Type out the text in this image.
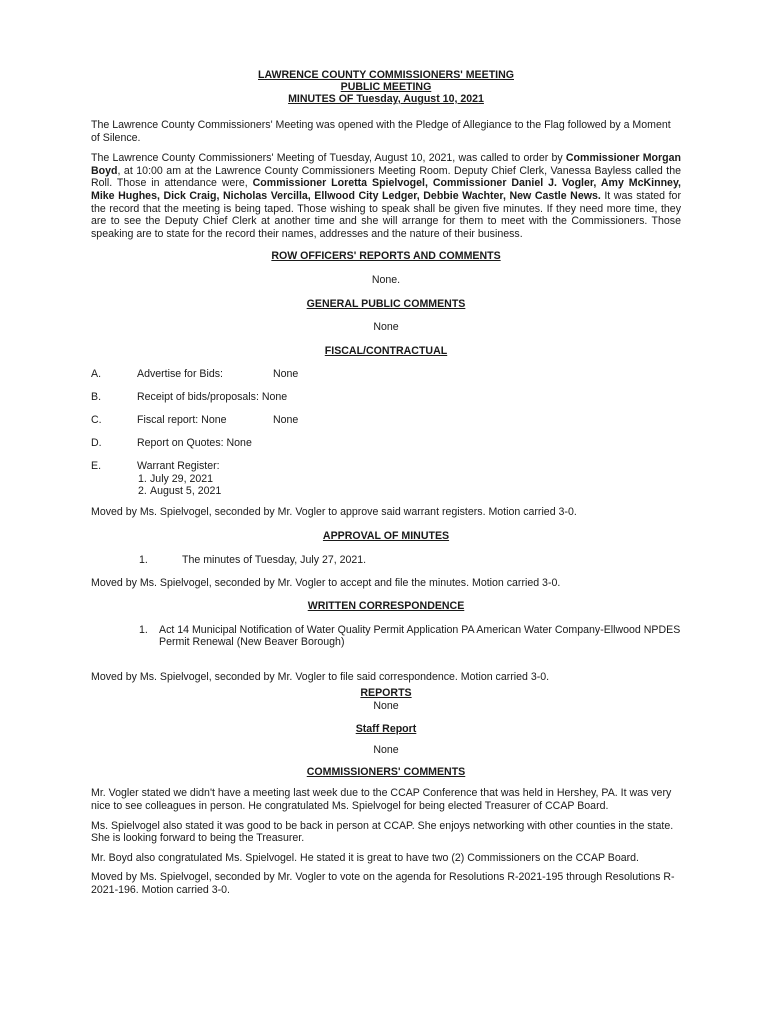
LAWRENCE COUNTY COMMISSIONERS' MEETING
PUBLIC MEETING
MINUTES OF Tuesday, August 10, 2021

The Lawrence County Commissioners' Meeting was opened with the Pledge of Allegiance to the Flag followed by a Moment of Silence.

The Lawrence County Commissioners' Meeting of Tuesday, August 10, 2021, was called to order by Commissioner Morgan Boyd, at 10:00 am at the Lawrence County Commissioners Meeting Room. Deputy Chief Clerk, Vanessa Bayless called the Roll. Those in attendance were, Commissioner Loretta Spielvogel, Commissioner Daniel J. Vogler, Amy McKinney, Mike Hughes, Dick Craig, Nicholas Vercilla, Ellwood City Ledger, Debbie Wachter, New Castle News. It was stated for the record that the meeting is being taped. Those wishing to speak shall be given five minutes. If they need more time, they are to see the Deputy Chief Clerk at another time and she will arrange for them to meet with the Commissioners. Those speaking are to state for the record their names, addresses and the nature of their business.

ROW OFFICERS' REPORTS AND COMMENTS
None.
GENERAL PUBLIC COMMENTS
None
FISCAL/CONTRACTUAL
A.	Advertise for Bids:	None
B.	Receipt of bids/proposals: None
C.	Fiscal report: None	None
D.	Report on Quotes: None
E.	Warrant Register:
1. July 29, 2021
2. August 5, 2021

Moved by Ms. Spielvogel, seconded by Mr. Vogler to approve said warrant registers. Motion carried 3-0.

APPROVAL OF MINUTES
1.	The minutes of Tuesday, July 27, 2021.

Moved by Ms. Spielvogel, seconded by Mr. Vogler to accept and file the minutes. Motion carried 3-0.

WRITTEN CORRESPONDENCE
1. Act 14 Municipal Notification of Water Quality Permit Application PA American Water Company-Ellwood NPDES Permit Renewal (New Beaver Borough)

Moved by Ms. Spielvogel, seconded by Mr. Vogler to file said correspondence. Motion carried 3-0.

REPORTS
None
Staff Report
None
COMMISSIONERS' COMMENTS

Mr. Vogler stated we didn't have a meeting last week due to the CCAP Conference that was held in Hershey, PA. It was very nice to see colleagues in person. He congratulated Ms. Spielvogel for being elected Treasurer of CCAP Board.

Ms. Spielvogel also stated it was good to be back in person at CCAP. She enjoys networking with other counties in the state. She is looking forward to being the Treasurer.

Mr. Boyd also congratulated Ms. Spielvogel. He stated it is great to have two (2) Commissioners on the CCAP Board.

Moved by Ms. Spielvogel, seconded by Mr. Vogler to vote on the agenda for Resolutions R-2021-195 through Resolutions R-2021-196. Motion carried 3-0.
